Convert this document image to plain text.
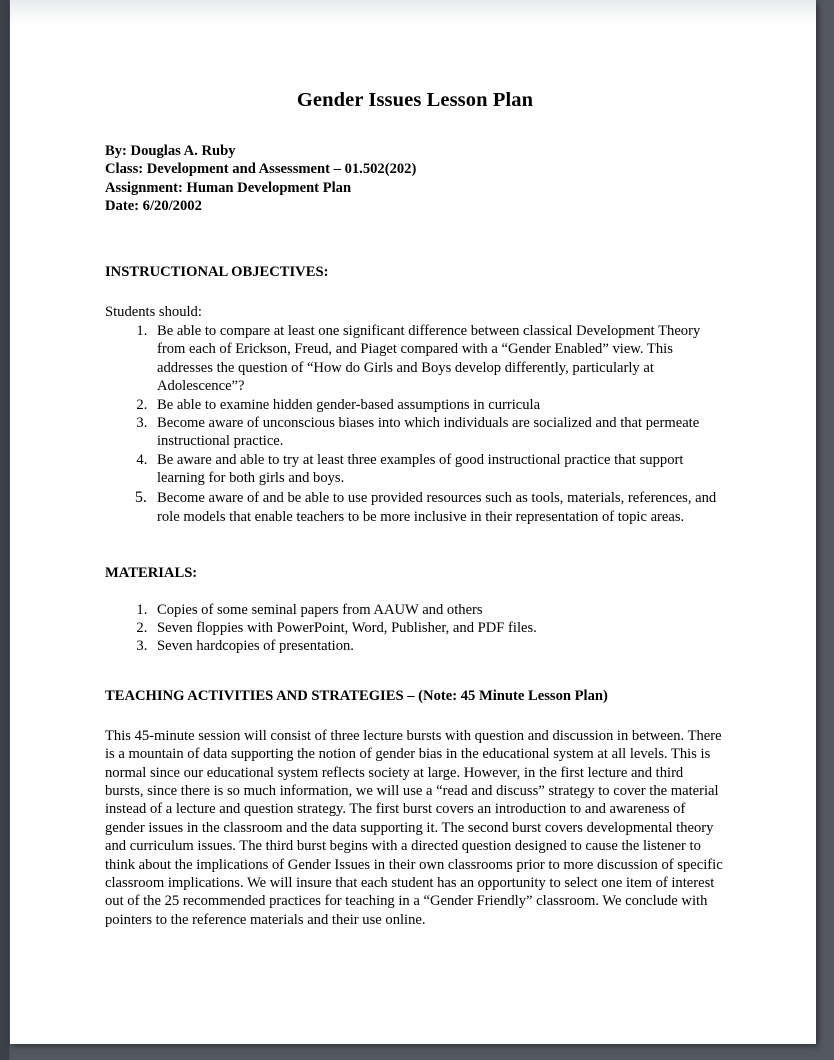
Gender Issues Lesson Plan
By: Douglas A. Ruby
Class: Development and Assessment – 01.502(202)
Assignment: Human Development Plan
Date: 6/20/2002
INSTRUCTIONAL OBJECTIVES:
Students should:
1. Be able to compare at least one significant difference between classical Development Theory from each of Erickson, Freud, and Piaget compared with a “Gender Enabled” view. This addresses the question of “How do Girls and Boys develop differently, particularly at Adolescence”?
2. Be able to examine hidden gender-based assumptions in curricula
3. Become aware of unconscious biases into which individuals are socialized and that permeate instructional practice.
4. Be aware and able to try at least three examples of good instructional practice that support learning for both girls and boys.
5. Become aware of and be able to use provided resources such as tools, materials, references, and role models that enable teachers to be more inclusive in their representation of topic areas.
MATERIALS:
1. Copies of some seminal papers from AAUW and others
2. Seven floppies with PowerPoint, Word, Publisher, and PDF files.
3. Seven hardcopies of presentation.
TEACHING ACTIVITIES AND STRATEGIES – (Note: 45 Minute Lesson Plan)

This 45-minute session will consist of three lecture bursts with question and discussion in between. There is a mountain of data supporting the notion of gender bias in the educational system at all levels. This is normal since our educational system reflects society at large. However, in the first lecture and third bursts, since there is so much information, we will use a “read and discuss” strategy to cover the material instead of a lecture and question strategy. The first burst covers an introduction to and awareness of gender issues in the classroom and the data supporting it. The second burst covers developmental theory and curriculum issues. The third burst begins with a directed question designed to cause the listener to think about the implications of Gender Issues in their own classrooms prior to more discussion of specific classroom implications. We will insure that each student has an opportunity to select one item of interest out of the 25 recommended practices for teaching in a “Gender Friendly” classroom. We conclude with pointers to the reference materials and their use online.
